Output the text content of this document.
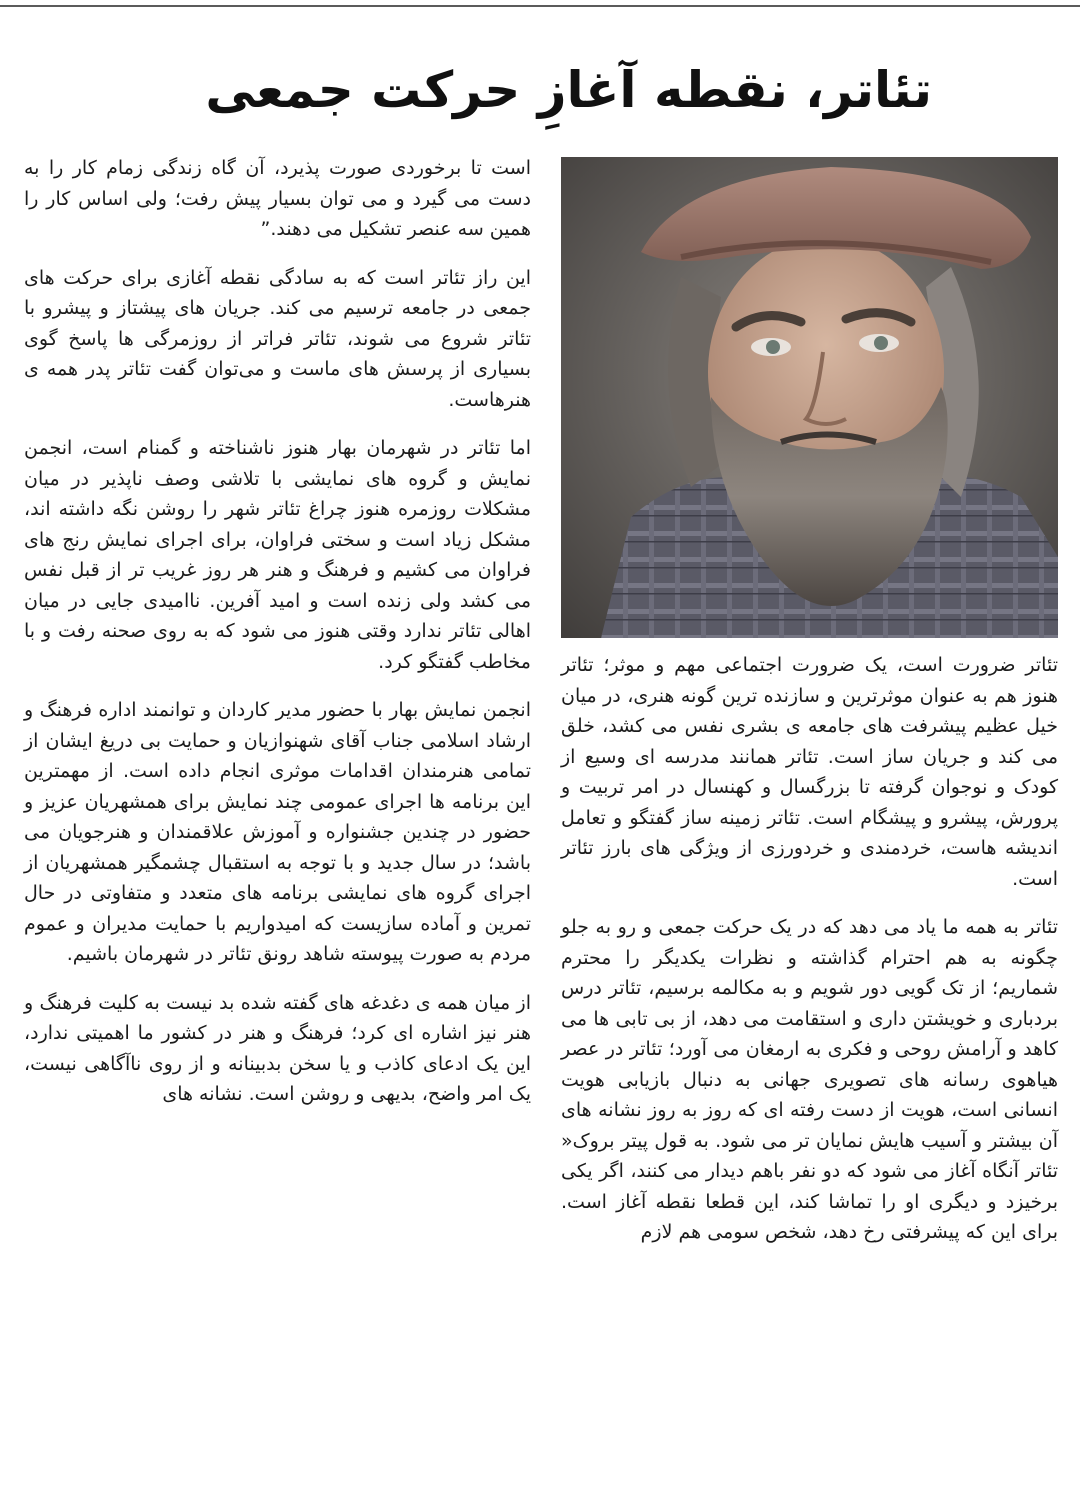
تئاتر، نقطه آغازِ حرکت جمعی

است تا برخوردی صورت پذیرد، آن گاه زندگی زمام کار را به دست می گیرد و می توان بسیار پیش رفت؛ ولی اساس کار را همین سه عنصر تشکیل می دهند.”

این راز تئاتر است که به سادگی نقطه آغازی برای حرکت های جمعی در جامعه ترسیم می کند. جریان های پیشتاز و پیشرو با تئاتر شروع می شوند، تئاتر فراتر از روزمرگی ها پاسخ گوی بسیاری از پرسش های ماست و می‌توان گفت تئاتر پدر همه ی هنرهاست.

اما تئاتر در شهرمان بهار هنوز ناشناخته و گمنام است، انجمن نمایش و گروه های نمایشی با تلاشی وصف ناپذیر در میان مشکلات روزمره هنوز چراغ تئاتر شهر را روشن نگه داشته اند، مشکل زیاد است و سختی فراوان، برای اجرای نمایش رنج های فراوان می کشیم و فرهنگ و هنر هر روز غریب تر از قبل نفس می کشد ولی زنده است و امید آفرین. ناامیدی جایی در میان اهالی تئاتر ندارد وقتی هنوز می شود که به روی صحنه رفت و با مخاطب گفتگو کرد.

انجمن نمایش بهار با حضور مدیر کاردان و توانمند اداره فرهنگ و ارشاد اسلامی جناب آقای شهنوازیان و حمایت بی دریغ ایشان از تمامی هنرمندان اقدامات موثری انجام داده است. از مهمترین این برنامه ها اجرای عمومی چند نمایش برای همشهریان عزیز و حضور در چندین جشنواره و آموزش علاقمندان و هنرجویان می باشد؛ در سال جدید و با توجه به استقبال چشمگیر همشهریان از اجرای گروه های نمایشی برنامه های متعدد و متفاوتی در حال تمرین و آماده سازیست که امیدواریم با حمایت مدیران و عموم مردم به صورت پیوسته شاهد رونق تئاتر در شهرمان باشیم.

از میان همه ی دغدغه های گفته شده بد نیست به کلیت فرهنگ و هنر نیز اشاره ای کرد؛ فرهنگ و هنر در کشور ما اهمیتی ندارد، این یک ادعای کاذب و یا سخن بدبینانه و از روی ناآگاهی نیست، یک امر واضح، بدیهی و روشن است. نشانه های

تئاتر ضرورت است، یک ضرورت اجتماعی مهم و موثر؛ تئاتر هنوز هم به عنوان موثرترین و سازنده ترین گونه هنری، در میان خیل عظیم پیشرفت های جامعه ی بشری نفس می کشد، خلق می کند و جریان ساز است. تئاتر همانند مدرسه ای وسیع از کودک و نوجوان گرفته تا بزرگسال و کهنسال در امر تربیت و پرورش، پیشرو و پیشگام است. تئاتر زمینه ساز گفتگو و تعامل اندیشه هاست، خردمندی و خردورزی از ویژگی های بارز تئاتر است.

تئاتر به همه ما یاد می دهد که در یک حرکت جمعی و رو به جلو چگونه به هم احترام گذاشته و نظرات یکدیگر را محترم شماریم؛ از تک گویی دور شویم و به مکالمه برسیم، تئاتر درس بردباری و خویشتن داری و استقامت می دهد، از بی تابی ها می کاهد و آرامش روحی و فکری به ارمغان می آورد؛ تئاتر در عصر هیاهوی رسانه های تصویری جهانی به دنبال بازیابی هویت انسانی است، هویت از دست رفته ای که روز به روز نشانه های آن بیشتر و آسیب هایش نمایان تر می شود. به قول پیتر بروک« تئاتر آنگاه آغاز می شود که دو نفر باهم دیدار می کنند، اگر یکی برخیزد و دیگری او را تماشا کند، این قطعا نقطه آغاز است. برای این که پیشرفتی رخ دهد، شخص سومی هم لازم
